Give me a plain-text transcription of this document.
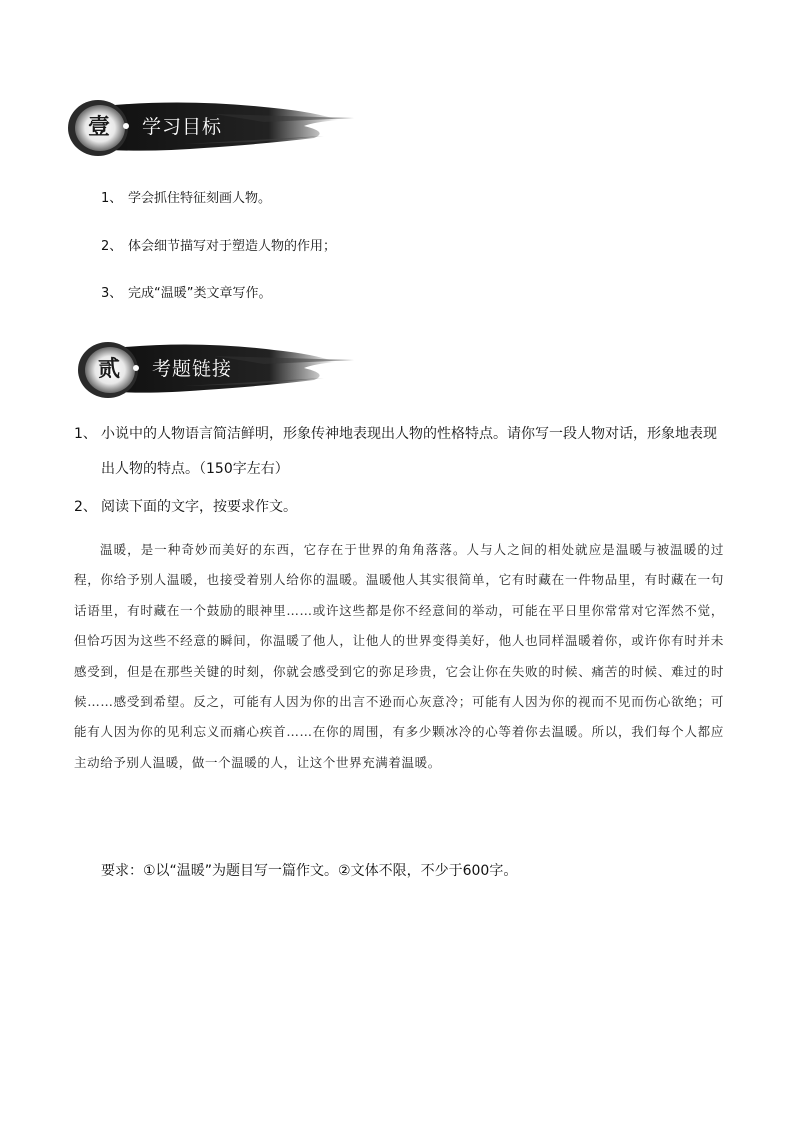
壹 学习目标
1、 学会抓住特征刻画人物。
2、 体会细节描写对于塑造人物的作用；
3、 完成“温暖”类文章写作。
贰 考题链接
1、 小说中的人物语言简洁鲜明，形象传神地表现出人物的性格特点。请你写一段人物对话，形象地表现
出人物的特点。（150字左右）
2、 阅读下面的文字，按要求作文。
温暖，是一种奇妙而美好的东西，它存在于世界的角角落落。人与人之间的相处就应是温暖与被温暖的过程，你给予别人温暖，也接受着别人给你的温暖。温暖他人其实很简单，它有时藏在一件物品里，有时藏在一句话语里，有时藏在一个鼓励的眼神里……或许这些都是你不经意间的举动，可能在平日里你常常对它浑然不觉，但恰巧因为这些不经意的瞬间，你温暖了他人，让他人的世界变得美好，他人也同样温暖着你，或许你有时并未感受到，但是在那些关键的时刻，你就会感受到它的弥足珍贵，它会让你在失败的时候、痛苦的时候、难过的时候……感受到希望。反之，可能有人因为你的出言不逊而心灰意冷；可能有人因为你的视而不见而伤心欲绝；可能有人因为你的见利忘义而痛心疾首……在你的周围，有多少颗冰冷的心等着你去温暖。所以，我们每个人都应主动给予别人温暖，做一个温暖的人，让这个世界充满着温暖。
要求：①以“温暖”为题目写一篇作文。②文体不限，不少于600字。
